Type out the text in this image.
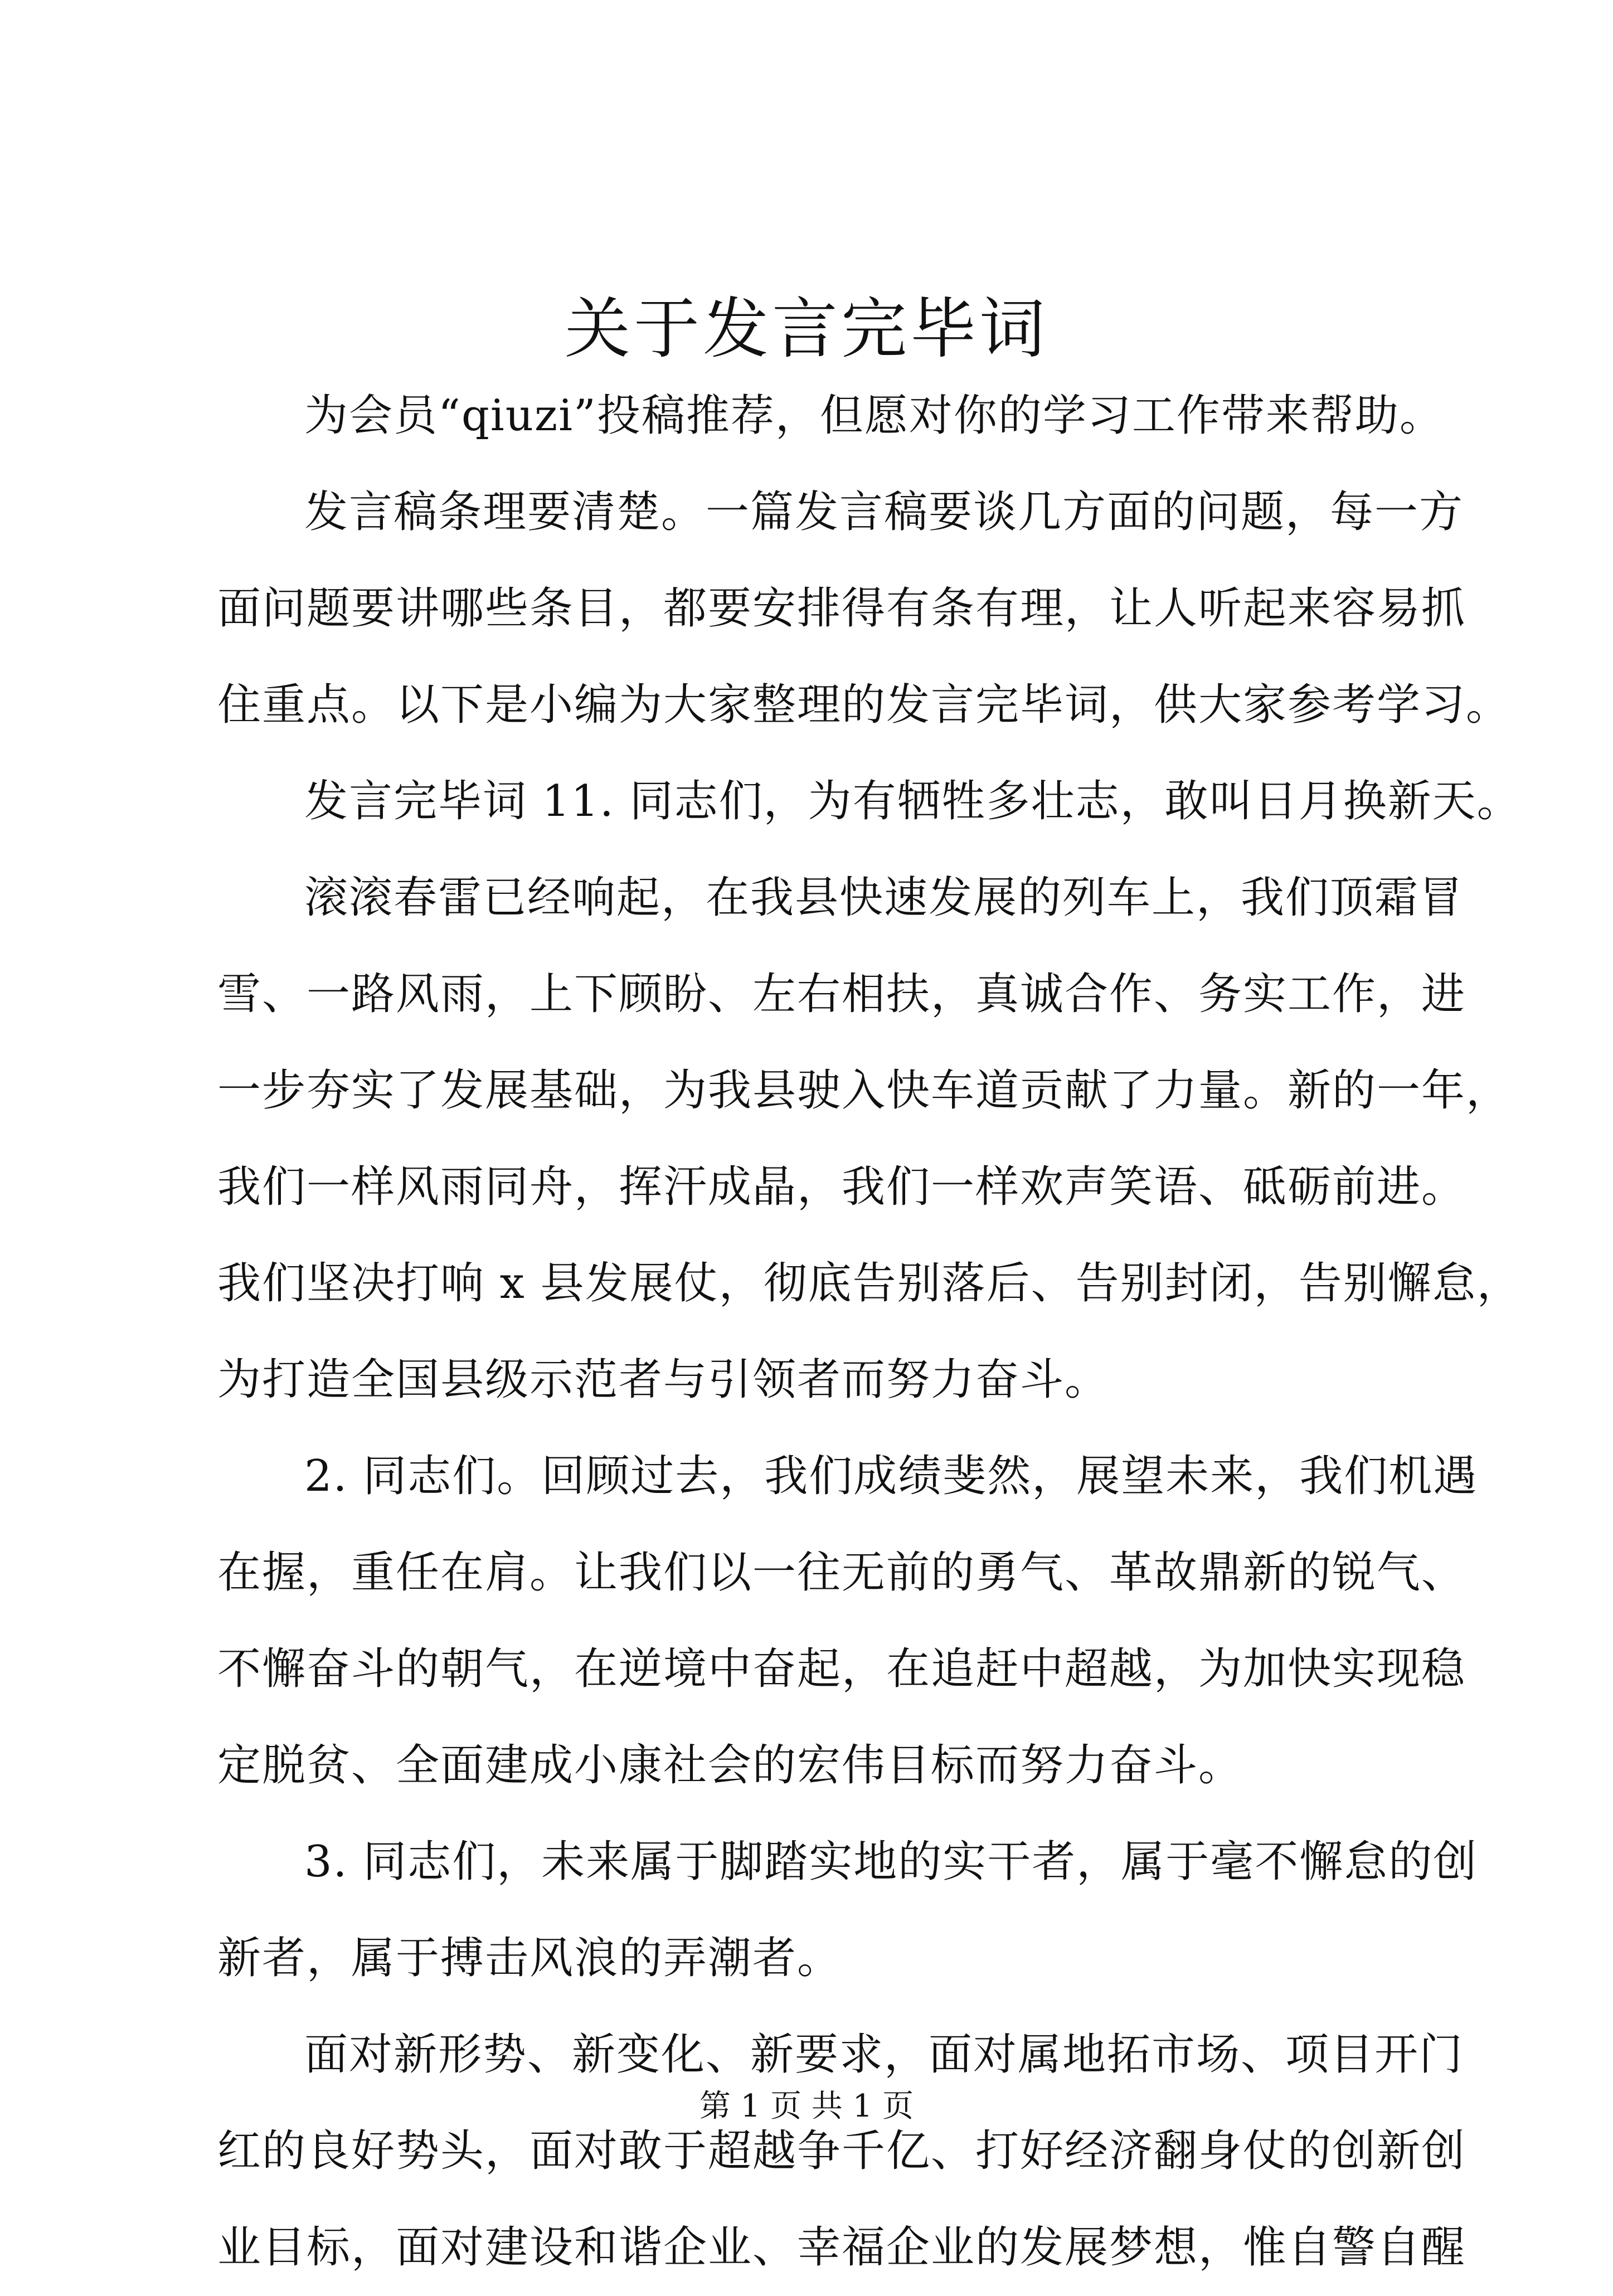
关于发言完毕词
为会员“qiuzi”投稿推荐，但愿对你的学习工作带来帮助。
发言稿条理要清楚。一篇发言稿要谈几方面的问题，每一方
面问题要讲哪些条目，都要安排得有条有理，让人听起来容易抓
住重点。以下是小编为大家整理的发言完毕词，供大家参考学习。
发言完毕词 11. 同志们，为有牺牲多壮志，敢叫日月换新天。
滚滚春雷已经响起，在我县快速发展的列车上，我们顶霜冒
雪、一路风雨，上下顾盼、左右相扶，真诚合作、务实工作，进
一步夯实了发展基础，为我县驶入快车道贡献了力量。新的一年，
我们一样风雨同舟，挥汗成晶，我们一样欢声笑语、砥砺前进。
我们坚决打响 x 县发展仗，彻底告别落后、告别封闭，告别懈怠，
为打造全国县级示范者与引领者而努力奋斗。
2. 同志们。回顾过去，我们成绩斐然，展望未来，我们机遇
在握，重任在肩。让我们以一往无前的勇气、革故鼎新的锐气、
不懈奋斗的朝气，在逆境中奋起，在追赶中超越，为加快实现稳
定脱贫、全面建成小康社会的宏伟目标而努力奋斗。
3. 同志们，未来属于脚踏实地的实干者，属于毫不懈怠的创
新者，属于搏击风浪的弄潮者。
面对新形势、新变化、新要求，面对属地拓市场、项目开门
红的良好势头，面对敢于超越争千亿、打好经济翻身仗的创新创
业目标，面对建设和谐企业、幸福企业的发展梦想，惟自警自醒
第 1 页 共 1 页
